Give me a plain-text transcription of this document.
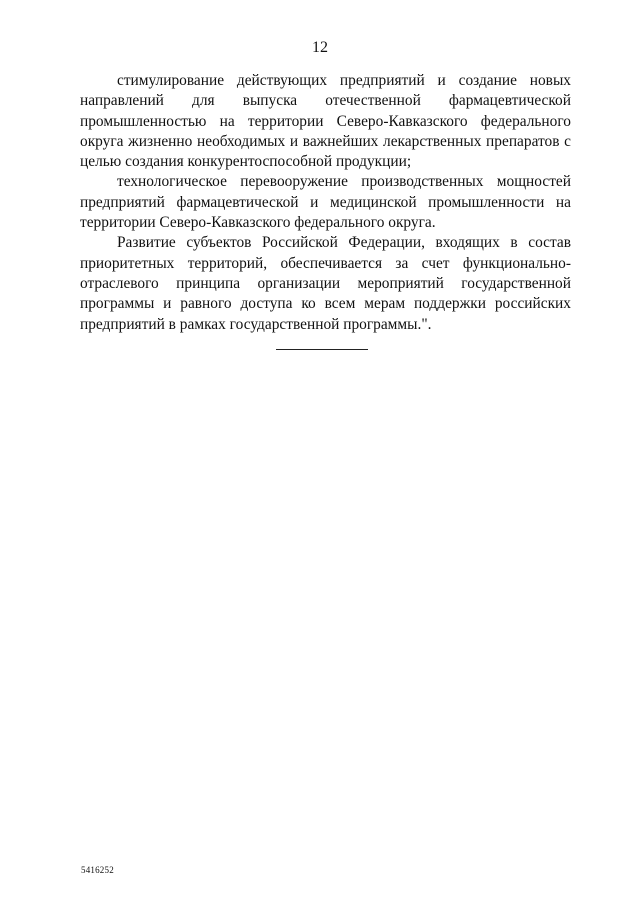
12

стимулирование действующих предприятий и создание новых направлений для выпуска отечественной фармацевтической промышленностью на территории Северо-Кавказского федерального округа жизненно необходимых и важнейших лекарственных препаратов с целью создания конкурентоспособной продукции;

технологическое перевооружение производственных мощностей предприятий фармацевтической и медицинской промышленности на территории Северо-Кавказского федерального округа.

Развитие субъектов Российской Федерации, входящих в состав приоритетных территорий, обеспечивается за счет функционально-отраслевого принципа организации мероприятий государственной программы и равного доступа ко всем мерам поддержки российских предприятий в рамках государственной программы.".

5416252
